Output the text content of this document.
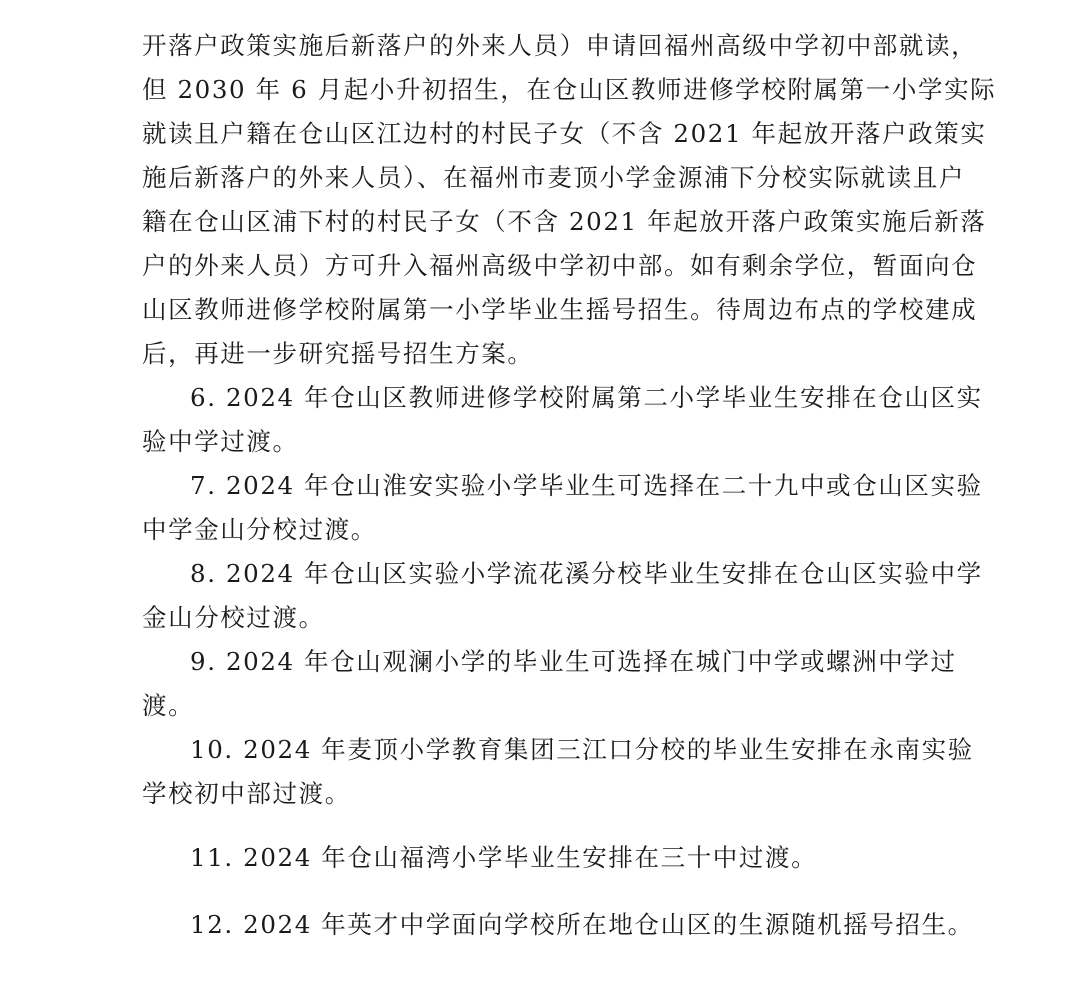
开落户政策实施后新落户的外来人员）申请回福州高级中学初中部就读，
但 2030 年 6 月起小升初招生，在仓山区教师进修学校附属第一小学实际
就读且户籍在仓山区江边村的村民子女（不含 2021 年起放开落户政策实
施后新落户的外来人员）、在福州市麦顶小学金源浦下分校实际就读且户
籍在仓山区浦下村的村民子女（不含 2021 年起放开落户政策实施后新落
户的外来人员）方可升入福州高级中学初中部。如有剩余学位，暂面向仓
山区教师进修学校附属第一小学毕业生摇号招生。待周边布点的学校建成
后，再进一步研究摇号招生方案。
6. 2024 年仓山区教师进修学校附属第二小学毕业生安排在仓山区实
验中学过渡。
7. 2024 年仓山淮安实验小学毕业生可选择在二十九中或仓山区实验
中学金山分校过渡。
8. 2024 年仓山区实验小学流花溪分校毕业生安排在仓山区实验中学
金山分校过渡。
9. 2024 年仓山观澜小学的毕业生可选择在城门中学或螺洲中学过
渡。
10. 2024 年麦顶小学教育集团三江口分校的毕业生安排在永南实验
学校初中部过渡。
11. 2024 年仓山福湾小学毕业生安排在三十中过渡。
12. 2024 年英才中学面向学校所在地仓山区的生源随机摇号招生。
